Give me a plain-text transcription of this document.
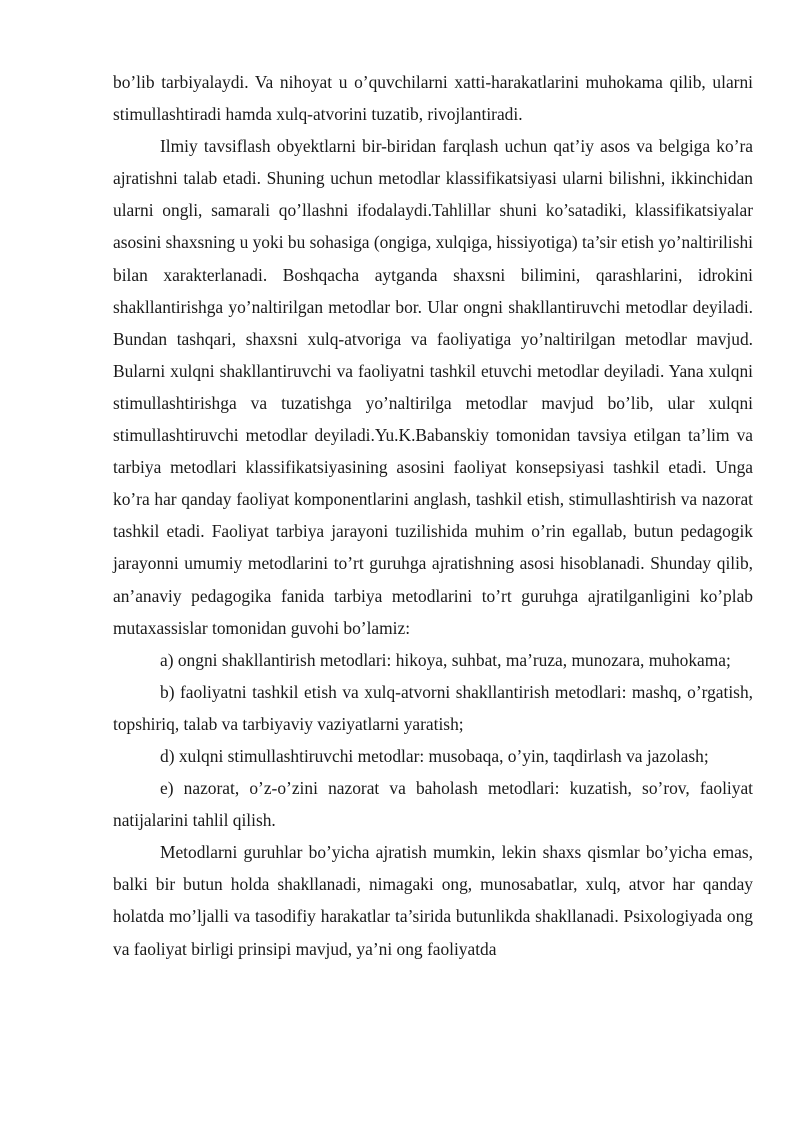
bo’lib tarbiyalaydi. Va nihoyat u o’quvchilarni xatti-harakatlarini muhokama qilib, ularni stimullashtiradi hamda xulq-atvorini tuzatib, rivojlantiradi.

Ilmiy tavsiflash obyektlarni bir-biridan farqlash uchun qat’iy asos va belgiga ko’ra ajratishni talab etadi. Shuning uchun metodlar klassifikatsiyasi ularni bilishni, ikkinchidan ularni ongli, samarali qo’llashni ifodalaydi.Tahlillar shuni ko’satadiki, klassifikatsiyalar asosini shaxsning u yoki bu sohasiga (ongiga, xulqiga, hissiyotiga) ta’sir etish yo’naltirilishi bilan xarakterlanadi. Boshqacha aytganda shaxsni bilimini, qarashlarini, idrokini shakllantirishga yo’naltirilgan metodlar bor. Ular ongni shakllantiruvchi metodlar deyiladi. Bundan tashqari, shaxsni xulq-atvoriga va faoliyatiga yo’naltirilgan metodlar mavjud. Bularni xulqni shakllantiruvchi va faoliyatni tashkil etuvchi metodlar deyiladi. Yana xulqni stimullashtirishga va tuzatishga yo’naltirilga metodlar mavjud bo’lib, ular xulqni stimullashtiruvchi metodlar deyiladi.Yu.K.Babanskiy tomonidan tavsiya etilgan ta’lim va tarbiya metodlari klassifikatsiyasining asosini faoliyat konsepsiyasi tashkil etadi. Unga ko’ra har qanday faoliyat komponentlarini anglash, tashkil etish, stimullashtirish va nazorat tashkil etadi. Faoliyat tarbiya jarayoni tuzilishida muhim o’rin egallab, butun pedagogik jarayonni umumiy metodlarini to’rt guruhga ajratishning asosi hisoblanadi. Shunday qilib, an’anaviy pedagogika fanida tarbiya metodlarini to’rt guruhga ajratilganligini ko’plab mutaxassislar tomonidan guvohi bo’lamiz:

a) ongni shakllantirish metodlari: hikoya, suhbat, ma’ruza, munozara, muhokama;

b) faoliyatni tashkil etish va xulq-atvorni shakllantirish metodlari: mashq, o’rgatish, topshiriq, talab va tarbiyaviy vaziyatlarni yaratish;

d) xulqni stimullashtiruvchi metodlar: musobaqa, o’yin, taqdirlash va jazolash;

e) nazorat, o’z-o’zini nazorat va baholash metodlari: kuzatish, so’rov, faoliyat natijalarini tahlil qilish.

Metodlarni guruhlar bo’yicha ajratish mumkin, lekin shaxs qismlar bo’yicha emas, balki bir butun holda shakllanadi, nimagaki ong, munosabatlar, xulq, atvor har qanday holatda mo’ljalli va tasodifiy harakatlar ta’sirida butunlikda shakllanadi. Psixologiyada ong va faoliyat birligi prinsipi mavjud, ya’ni ong faoliyatda
